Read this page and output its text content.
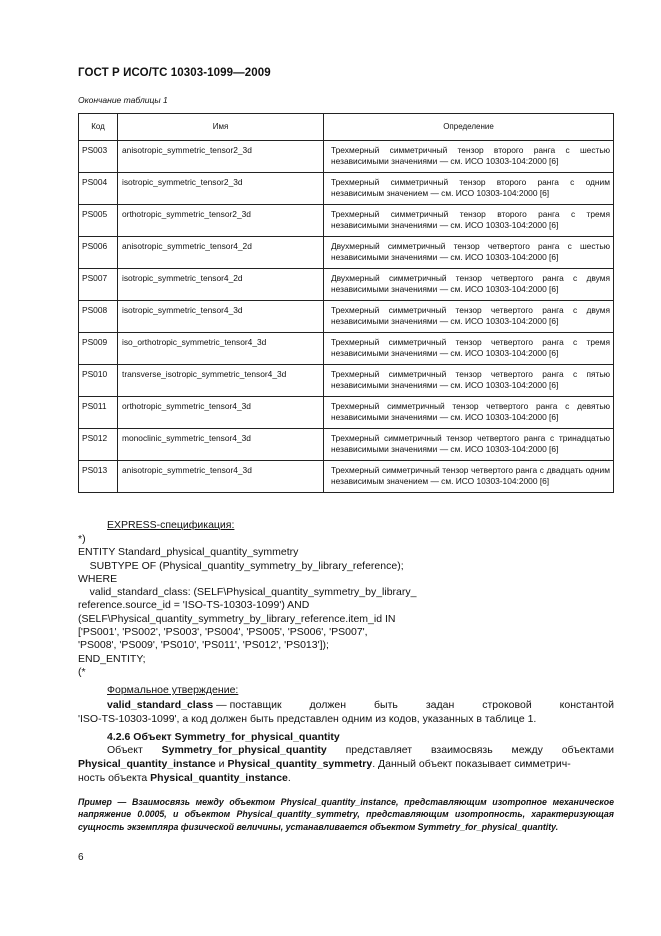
ГОСТ Р ИСО/ТС 10303-1099—2009
Окончание таблицы 1
Код	Имя	Определение
PS003	anisotropic_symmetric_tensor2_3d	Трехмерный симметричный тензор второго ранга с шестью независимыми значениями — см. ИСО 10303-104:2000 [6]
PS004	isotropic_symmetric_tensor2_3d	Трехмерный симметричный тензор второго ранга с одним независимым значением — см. ИСО 10303-104:2000 [6]
PS005	orthotropic_symmetric_tensor2_3d	Трехмерный симметричный тензор второго ранга с тремя независимыми значениями — см. ИСО 10303-104:2000 [6]
PS006	anisotropic_symmetric_tensor4_2d	Двухмерный симметричный тензор четвертого ранга с шестью независимыми значениями — см. ИСО 10303-104:2000 [6]
PS007	isotropic_symmetric_tensor4_2d	Двухмерный симметричный тензор четвертого ранга с двумя независимыми значениями — см. ИСО 10303-104:2000 [6]
PS008	isotropic_symmetric_tensor4_3d	Трехмерный симметричный тензор четвертого ранга с двумя независимыми значениями — см. ИСО 10303-104:2000 [6]
PS009	iso_orthotropic_symmetric_tensor4_3d	Трехмерный симметричный тензор четвертого ранга с тремя независимыми значениями — см. ИСО 10303-104:2000 [6]
PS010	transverse_isotropic_symmetric_tensor4_3d	Трехмерный симметричный тензор четвертого ранга с пятью независимыми значениями — см. ИСО 10303-104:2000 [6]
PS011	orthotropic_symmetric_tensor4_3d	Трехмерный симметричный тензор четвертого ранга с девятью независимыми значениями — см. ИСО 10303-104:2000 [6]
PS012	monoclinic_symmetric_tensor4_3d	Трехмерный симметричный тензор четвертого ранга с тринадцатью независимыми значениями — см. ИСО 10303-104:2000 [6]
PS013	anisotropic_symmetric_tensor4_3d	Трехмерный симметричный тензор четвертого ранга с двадцать одним независимым значением — см. ИСО 10303-104:2000 [6]
EXPRESS-спецификация:
*)
ENTITY Standard_physical_quantity_symmetry
SUBTYPE OF (Physical_quantity_symmetry_by_library_reference);
WHERE
valid_standard_class: (SELF\Physical_quantity_symmetry_by_library_
reference.source_id = 'ISO-TS-10303-1099') AND
(SELF\Physical_quantity_symmetry_by_library_reference.item_id IN
['PS001', 'PS002', 'PS003', 'PS004', 'PS005', 'PS006', 'PS007',
'PS008', 'PS009', 'PS010', 'PS011', 'PS012', 'PS013']);
END_ENTITY;
(*
Формальное утверждение:
valid_standard_class — поставщик	должен	быть	задан	строковой	константой
'ISO-TS-10303-1099', а код должен быть представлен одним из кодов, указанных в таблице 1.
4.2.6 Объект Symmetry_for_physical_quantity
Объект Symmetry_for_physical_quantity представляет взаимосвязь между объектами
Physical_quantity_instance и Physical_quantity_symmetry. Данный объект показывает симметрич-
ность объекта Physical_quantity_instance.
Пример — Взаимосвязь между объектом Physical_quantity_instance, представляющим изотропное механическое напряжение 0.0005, и объектом Physical_quantity_symmetry, представляющим изотропность, характеризующая сущность экземпляра физической величины, устанавливается объектом Symmetry_for_physical_quantity.
6
